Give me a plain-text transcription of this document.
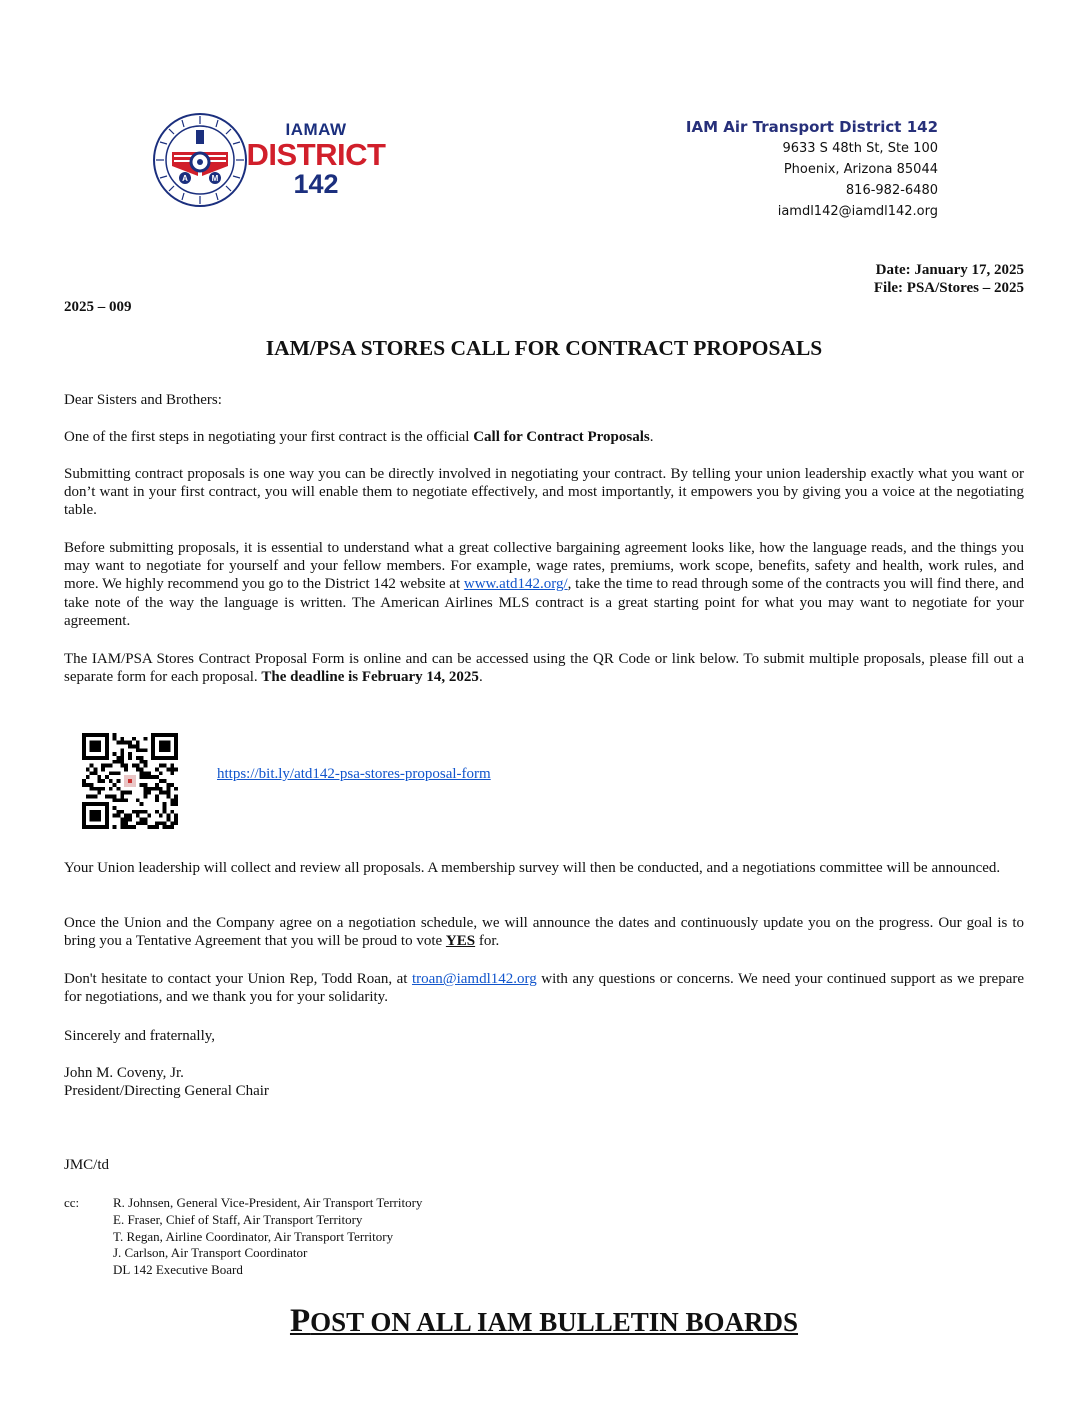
A	M
IAMAW
DISTRICT
142
IAM Air Transport District 142
9633 S 48th St, Ste 100
Phoenix, Arizona 85044
816-982-6480
iamdl142@iamdl142.org
Date: January 17, 2025
File: PSA/Stores – 2025
2025 – 009
IAM/PSA STORES CALL FOR CONTRACT PROPOSALS
Dear Sisters and Brothers:
One of the first steps in negotiating your first contract is the official Call for Contract Proposals.
Submitting contract proposals is one way you can be directly involved in negotiating your contract. By telling your union leadership exactly what you want or don’t want in your first contract, you will enable them to negotiate effectively, and most importantly, it empowers you by giving you a voice at the negotiating table.
Before submitting proposals, it is essential to understand what a great collective bargaining agreement looks like, how the language reads, and the things you may want to negotiate for yourself and your fellow members. For example, wage rates, premiums, work scope, benefits, safety and health, work rules, and more. We highly recommend you go to the District 142 website at www.atd142.org/, take the time to read through some of the contracts you will find there, and take note of the way the language is written. The American Airlines MLS contract is a great starting point for what you may want to negotiate for your agreement.
The IAM/PSA Stores Contract Proposal Form is online and can be accessed using the QR Code or link below. To submit multiple proposals, please fill out a separate form for each proposal. The deadline is February 14, 2025.
https://bit.ly/atd142-psa-stores-proposal-form
Your Union leadership will collect and review all proposals. A membership survey will then be conducted, and a negotiations committee will be announced.
Once the Union and the Company agree on a negotiation schedule, we will announce the dates and continuously update you on the progress. Our goal is to bring you a Tentative Agreement that you will be proud to vote YES for.
Don't hesitate to contact your Union Rep, Todd Roan, at troan@iamdl142.org with any questions or concerns. We need your continued support as we prepare for negotiations, and we thank you for your solidarity.
Sincerely and fraternally,
John M. Coveny, Jr.
President/Directing General Chair
JMC/td
cc:	R. Johnsen, General Vice-President, Air Transport Territory
E. Fraser, Chief of Staff, Air Transport Territory
T. Regan, Airline Coordinator, Air Transport Territory
J. Carlson, Air Transport Coordinator
DL 142 Executive Board
POST ON ALL IAM BULLETIN BOARDS
